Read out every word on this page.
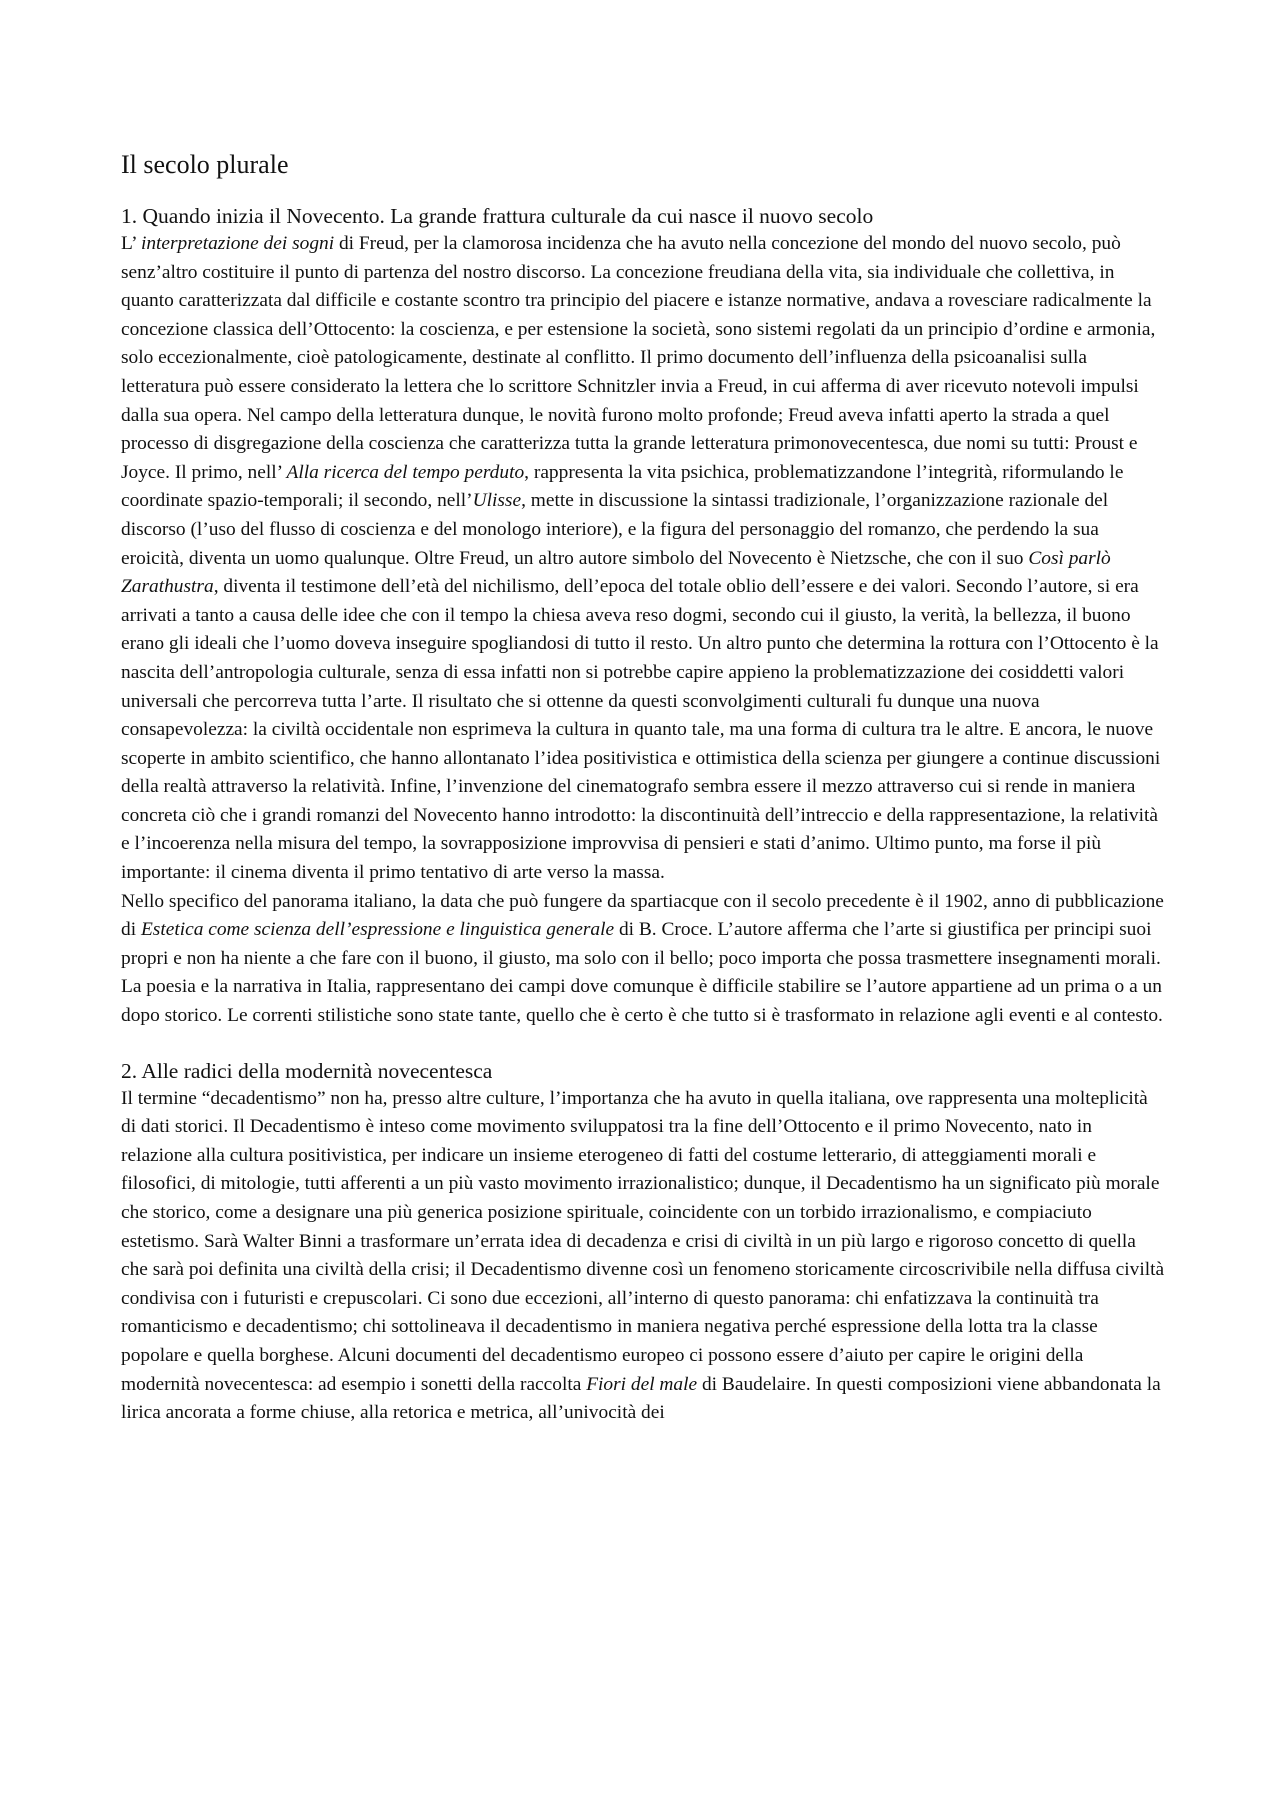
Il secolo plurale
1. Quando inizia il Novecento. La grande frattura culturale da cui nasce il nuovo secolo

L’ interpretazione dei sogni di Freud, per la clamorosa incidenza che ha avuto nella concezione del mondo del nuovo secolo, può senz’altro costituire il punto di partenza del nostro discorso. La concezione freudiana della vita, sia individuale che collettiva, in quanto caratterizzata dal difficile e costante scontro tra principio del piacere e istanze normative, andava a rovesciare radicalmente la concezione classica dell’Ottocento: la coscienza, e per estensione la società, sono sistemi regolati da un principio d’ordine e armonia, solo eccezionalmente, cioè patologicamente, destinate al conflitto. Il primo documento dell’influenza della psicoanalisi sulla letteratura può essere considerato la lettera che lo scrittore Schnitzler invia a Freud, in cui afferma di aver ricevuto notevoli impulsi dalla sua opera. Nel campo della letteratura dunque, le novità furono molto profonde; Freud aveva infatti aperto la strada a quel processo di disgregazione della coscienza che caratterizza tutta la grande letteratura primonovecentesca, due nomi su tutti: Proust e Joyce. Il primo, nell’ Alla ricerca del tempo perduto, rappresenta la vita psichica, problematizzandone l’integrità, riformulando le coordinate spazio-temporali; il secondo, nell’Ulisse, mette in discussione la sintassi tradizionale, l’organizzazione razionale del discorso (l’uso del flusso di coscienza e del monologo interiore), e la figura del personaggio del romanzo, che perdendo la sua eroicità, diventa un uomo qualunque. Oltre Freud, un altro autore simbolo del Novecento è Nietzsche, che con il suo Così parlò Zarathustra, diventa il testimone dell’età del nichilismo, dell’epoca del totale oblio dell’essere e dei valori. Secondo l’autore, si era arrivati a tanto a causa delle idee che con il tempo la chiesa aveva reso dogmi, secondo cui il giusto, la verità, la bellezza, il buono erano gli ideali che l’uomo doveva inseguire spogliandosi di tutto il resto. Un altro punto che determina la rottura con l’Ottocento è la nascita dell’antropologia culturale, senza di essa infatti non si potrebbe capire appieno la problematizzazione dei cosiddetti valori universali che percorreva tutta l’arte. Il risultato che si ottenne da questi sconvolgimenti culturali fu dunque una nuova consapevolezza: la civiltà occidentale non esprimeva la cultura in quanto tale, ma una forma di cultura tra le altre. E ancora, le nuove scoperte in ambito scientifico, che hanno allontanato l’idea positivistica e ottimistica della scienza per giungere a continue discussioni della realtà attraverso la relatività. Infine, l’invenzione del cinematografo sembra essere il mezzo attraverso cui si rende in maniera concreta ciò che i grandi romanzi del Novecento hanno introdotto: la discontinuità dell’intreccio e della rappresentazione, la relatività e l’incoerenza nella misura del tempo, la sovrapposizione improvvisa di pensieri e stati d’animo. Ultimo punto, ma forse il più importante: il cinema diventa il primo tentativo di arte verso la massa.

Nello specifico del panorama italiano, la data che può fungere da spartiacque con il secolo precedente è il 1902, anno di pubblicazione di Estetica come scienza dell’espressione e linguistica generale di B. Croce. L’autore afferma che l’arte si giustifica per principi suoi propri e non ha niente a che fare con il buono, il giusto, ma solo con il bello; poco importa che possa trasmettere insegnamenti morali. La poesia e la narrativa in Italia, rappresentano dei campi dove comunque è difficile stabilire se l’autore appartiene ad un prima o a un dopo storico. Le correnti stilistiche sono state tante, quello che è certo è che tutto si è trasformato in relazione agli eventi e al contesto.

2. Alle radici della modernità novecentesca

Il termine “decadentismo” non ha, presso altre culture, l’importanza che ha avuto in quella italiana, ove rappresenta una molteplicità di dati storici. Il Decadentismo è inteso come movimento sviluppatosi tra la fine dell’Ottocento e il primo Novecento, nato in relazione alla cultura positivistica, per indicare un insieme eterogeneo di fatti del costume letterario, di atteggiamenti morali e filosofici, di mitologie, tutti afferenti a un più vasto movimento irrazionalistico; dunque, il Decadentismo ha un significato più morale che storico, come a designare una più generica posizione spirituale, coincidente con un torbido irrazionalismo, e compiaciuto estetismo. Sarà Walter Binni a trasformare un’errata idea di decadenza e crisi di civiltà in un più largo e rigoroso concetto di quella che sarà poi definita una civiltà della crisi; il Decadentismo divenne così un fenomeno storicamente circoscrivibile nella diffusa civiltà condivisa con i futuristi e crepuscolari. Ci sono due eccezioni, all’interno di questo panorama: chi enfatizzava la continuità tra romanticismo e decadentismo; chi sottolineava il decadentismo in maniera negativa perché espressione della lotta tra la classe popolare e quella borghese. Alcuni documenti del decadentismo europeo ci possono essere d’aiuto per capire le origini della modernità novecentesca: ad esempio i sonetti della raccolta Fiori del male di Baudelaire. In questi composizioni viene abbandonata la lirica ancorata a forme chiuse, alla retorica e metrica, all’univocità dei
